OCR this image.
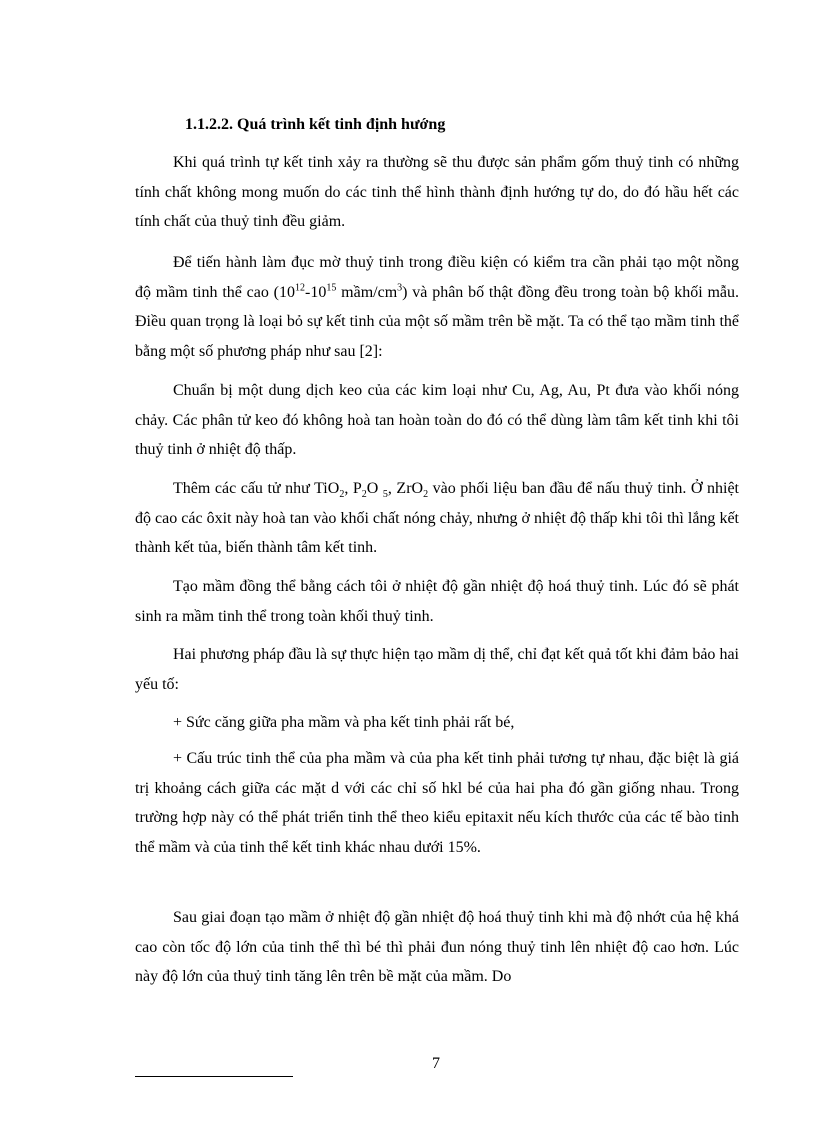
1.1.2.2. Quá trình kết tinh định hướng

Khi quá trình tự kết tinh xảy ra thường sẽ thu được sản phẩm gốm thuỷ tinh có những tính chất không mong muốn do các tinh thể hình thành định hướng tự do, do đó hầu hết các tính chất của thuỷ tinh đều giảm.

Để tiến hành làm đục mờ thuỷ tinh trong điều kiện có kiểm tra cần phải tạo một nồng độ mầm tinh thể cao ($10^{12}-10^{15}$ mầm/$cm^3$) và phân bố thật đồng đều trong toàn bộ khối mẫu. Điều quan trọng là loại bỏ sự kết tinh của một số mầm trên bề mặt. Ta có thể tạo mầm tinh thể bằng một số phương pháp như sau [2]:

Chuẩn bị một dung dịch keo của các kim loại như Cu, Ag, Au, Pt đưa vào khối nóng chảy. Các phân tử keo đó không hoà tan hoàn toàn do đó có thể dùng làm tâm kết tinh khi tôi thuỷ tinh ở nhiệt độ thấp.

Thêm các cấu tử như TiO$_2$, $P_2O$ $_5$, ZrO$_2$ vào phối liệu ban đầu để nấu thuỷ tinh. Ở nhiệt độ cao các ôxit này hoà tan vào khối chất nóng chảy, nhưng ở nhiệt độ thấp khi tôi thì lắng kết thành kết tủa, biến thành tâm kết tinh.

Tạo mầm đồng thể bằng cách tôi ở nhiệt độ gần nhiệt độ hoá thuỷ tinh. Lúc đó sẽ phát sinh ra mầm tinh thể trong toàn khối thuỷ tinh.

Hai phương pháp đầu là sự thực hiện tạo mầm dị thể, chỉ đạt kết quả tốt khi đảm bảo hai yếu tố:

+ Sức căng giữa pha mầm và pha kết tinh phải rất bé,

+ Cấu trúc tinh thể của pha mầm và của pha kết tinh phải tương tự nhau, đặc biệt là giá trị khoảng cách giữa các mặt d với các chỉ số hkl bé của hai pha đó gần giống nhau. Trong trường hợp này có thể phát triển tinh thể theo kiểu epitaxit nếu kích thước của các tế bào tinh thể mầm và của tinh thể kết tinh khác nhau dưới 15%.

Sau giai đoạn tạo mầm ở nhiệt độ gần nhiệt độ hoá thuỷ tinh khi mà độ nhớt của hệ khá cao còn tốc độ lớn của tinh thể thì bé thì phải đun nóng thuỷ tinh lên nhiệt độ cao hơn. Lúc này độ lớn của thuỷ tinh tăng lên trên bề mặt của mầm. Do

7
